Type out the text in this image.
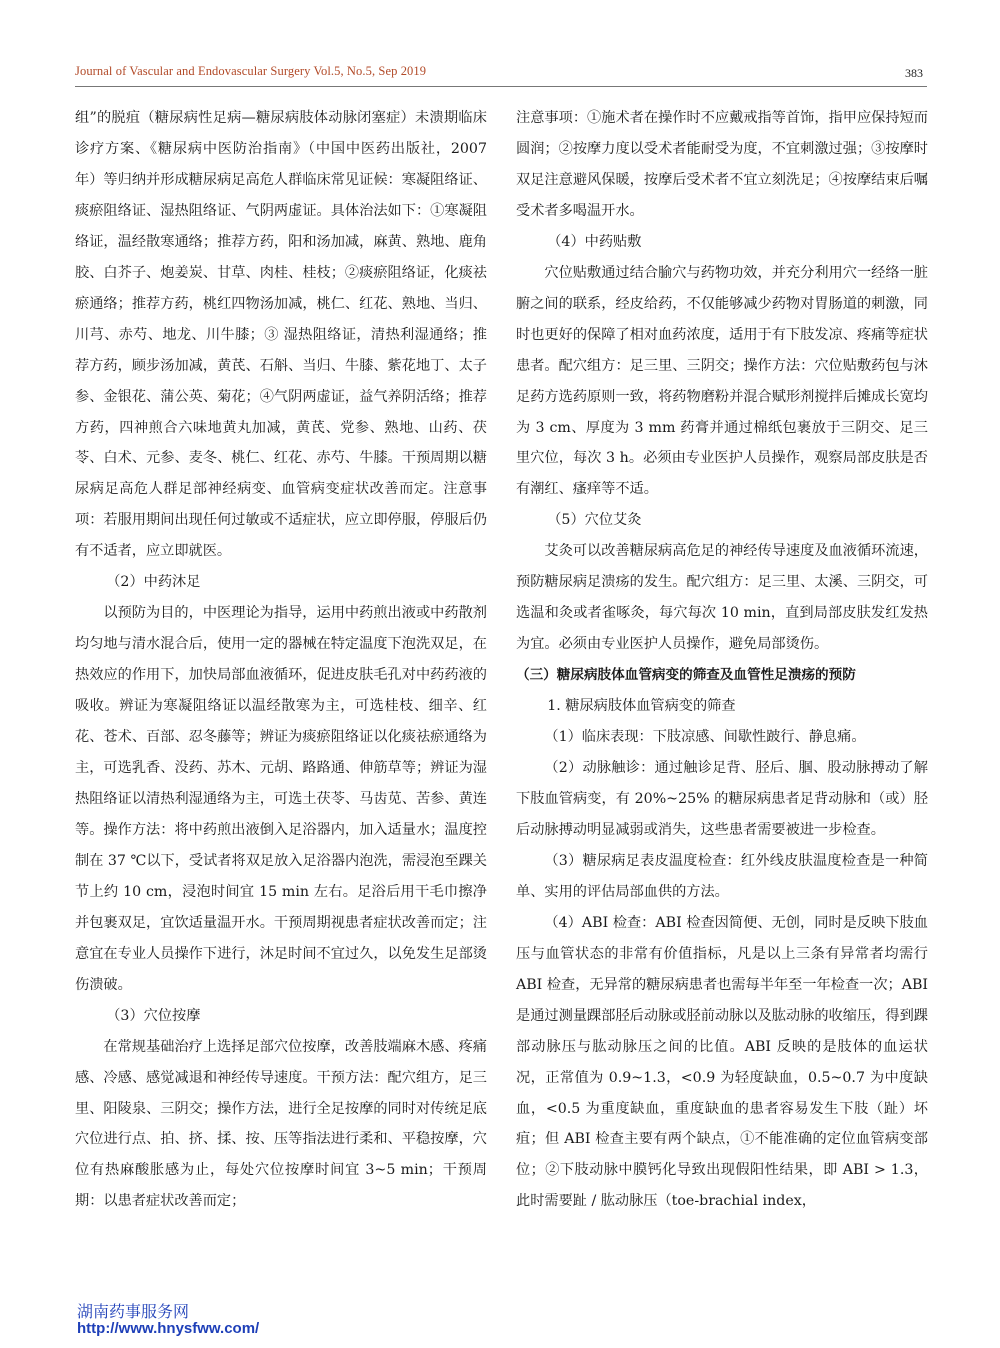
Journal of Vascular and Endovascular Surgery Vol.5, No.5, Sep 2019	383

组”的脱疽（糖尿病性足病—糖尿病肢体动脉闭塞症）未溃期临床诊疗方案、《糖尿病中医防治指南》（中国中医药出版社，2007 年）等归纳并形成糖尿病足高危人群临床常见证候：寒凝阻络证、痰瘀阻络证、湿热阻络证、气阴两虚证。具体治法如下：①寒凝阻络证，温经散寒通络；推荐方药，阳和汤加减，麻黄、熟地、鹿角胶、白芥子、炮姜炭、甘草、肉桂、桂枝；②痰瘀阻络证，化痰祛瘀通络；推荐方药，桃红四物汤加减，桃仁、红花、熟地、当归、川芎、赤芍、地龙、川牛膝；③ 湿热阻络证，清热利湿通络；推荐方药，顾步汤加减，黄芪、石斛、当归、牛膝、紫花地丁、太子参、金银花、蒲公英、菊花；④气阴两虚证，益气养阴活络；推荐方药，四神煎合六味地黄丸加减，黄芪、党参、熟地、山药、茯苓、白术、元参、麦冬、桃仁、红花、赤芍、牛膝。干预周期以糖尿病足高危人群足部神经病变、血管病变症状改善而定。注意事项：若服用期间出现任何过敏或不适症状，应立即停服，停服后仍有不适者，应立即就医。

（2）中药沐足

以预防为目的，中医理论为指导，运用中药煎出液或中药散剂均匀地与清水混合后，使用一定的器械在特定温度下泡洗双足，在热效应的作用下，加快局部血液循环，促进皮肤毛孔对中药药液的吸收。辨证为寒凝阻络证以温经散寒为主，可选桂枝、细辛、红花、苍术、百部、忍冬藤等；辨证为痰瘀阻络证以化痰祛瘀通络为主，可选乳香、没药、苏木、元胡、路路通、伸筋草等；辨证为湿热阻络证以清热利湿通络为主，可选土茯苓、马齿苋、苦参、黄连等。操作方法：将中药煎出液倒入足浴器内，加入适量水；温度控制在 37 ℃以下，受试者将双足放入足浴器内泡洗，需浸泡至踝关节上约 10 cm，浸泡时间宜 15 min 左右。足浴后用干毛巾擦净并包裹双足，宜饮适量温开水。干预周期视患者症状改善而定；注意宜在专业人员操作下进行，沐足时间不宜过久，以免发生足部烫伤溃破。

（3）穴位按摩

在常规基础治疗上选择足部穴位按摩，改善肢端麻木感、疼痛感、冷感、感觉减退和神经传导速度。干预方法：配穴组方，足三里、阳陵泉、三阴交；操作方法，进行全足按摩的同时对传统足底穴位进行点、拍、挤、揉、按、压等指法进行柔和、平稳按摩，穴位有热麻酸胀感为止，每处穴位按摩时间宜 3~5 min；干预周期：以患者症状改善而定；

注意事项：①施术者在操作时不应戴戒指等首饰，指甲应保持短而圆润；②按摩力度以受术者能耐受为度，不宜刺激过强；③按摩时双足注意避风保暖，按摩后受术者不宜立刻洗足；④按摩结束后嘱受术者多喝温开水。

（4）中药贴敷

穴位贴敷通过结合腧穴与药物功效，并充分利用穴一经络一脏腑之间的联系，经皮给药，不仅能够减少药物对胃肠道的刺激，同时也更好的保障了相对血药浓度，适用于有下肢发凉、疼痛等症状患者。配穴组方：足三里、三阴交；操作方法：穴位贴敷药包与沐足药方选药原则一致，将药物磨粉并混合赋形剂搅拌后摊成长宽均为 3 cm、厚度为 3 mm 药膏并通过棉纸包裹放于三阴交、足三里穴位，每次 3 h。必须由专业医护人员操作，观察局部皮肤是否有潮红、瘙痒等不适。

（5）穴位艾灸

艾灸可以改善糖尿病高危足的神经传导速度及血液循环流速，预防糖尿病足溃疡的发生。配穴组方：足三里、太溪、三阴交，可选温和灸或者雀啄灸，每穴每次 10 min，直到局部皮肤发红发热为宜。必须由专业医护人员操作，避免局部烫伤。

（三）糖尿病肢体血管病变的筛查及血管性足溃疡的预防

1. 糖尿病肢体血管病变的筛查

（1）临床表现：下肢凉感、间歇性跛行、静息痛。

（2）动脉触诊：通过触诊足背、胫后、腘、股动脉搏动了解下肢血管病变，有 20%~25% 的糖尿病患者足背动脉和（或）胫后动脉搏动明显减弱或消失，这些患者需要被进一步检查。

（3）糖尿病足表皮温度检查：红外线皮肤温度检查是一种简单、实用的评估局部血供的方法。

（4）ABI 检查：ABI 检查因简便、无创，同时是反映下肢血压与血管状态的非常有价值指标，凡是以上三条有异常者均需行 ABI 检查，无异常的糖尿病患者也需每半年至一年检查一次；ABI 是通过测量踝部胫后动脉或胫前动脉以及肱动脉的收缩压，得到踝部动脉压与肱动脉压之间的比值。ABI 反映的是肢体的血运状况，正常值为 0.9~1.3，<0.9 为轻度缺血，0.5~0.7 为中度缺血，<0.5 为重度缺血，重度缺血的患者容易发生下肢（趾）坏疽；但 ABI 检查主要有两个缺点，①不能准确的定位血管病变部位；②下肢动脉中膜钙化导致出现假阳性结果，即 ABI > 1.3，此时需要趾 / 肱动脉压（toe-brachial index，

湖南药事服务网
http://www.hnysfww.com/
